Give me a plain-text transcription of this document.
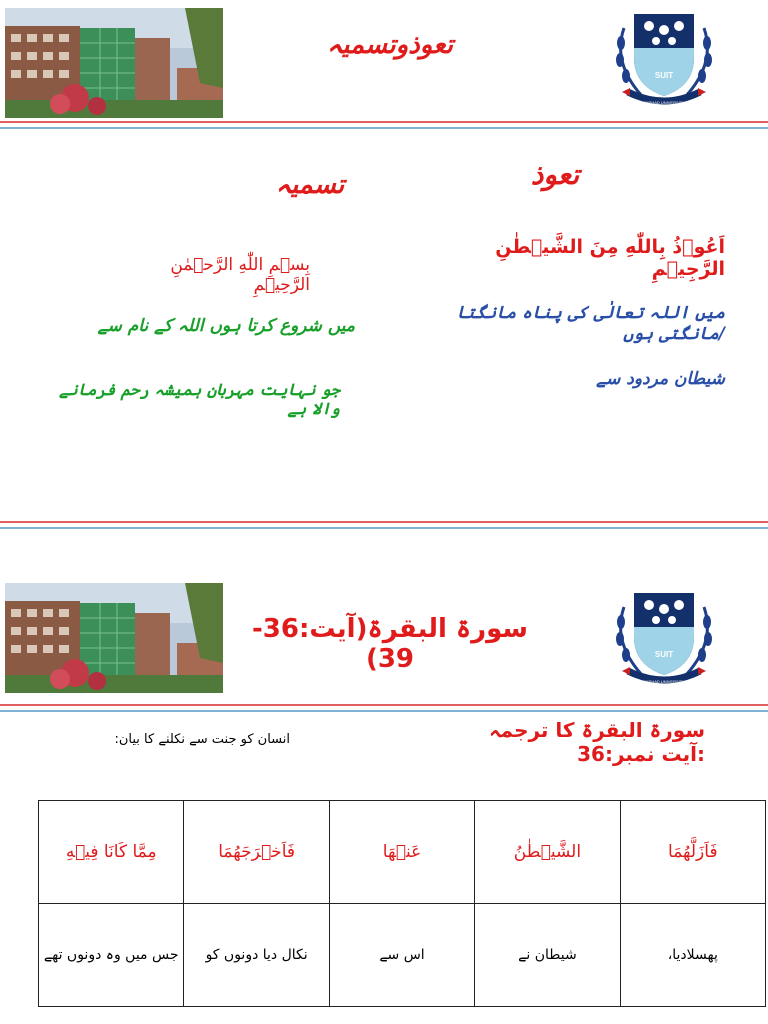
SUIT
SARHAD UNIVERSITY
تعوذوتسمیہ
تعوذ
تسمیہ
اَعُوۡذُ بِاللّٰهِ مِنَ الشَّيۡطٰنِ الرَّجِيۡمِ
میں اللہ تعالٰی کی پناہ مانگتا /مانگتی ہوں
شیطان مردود سے
بِسۡمِ اللّٰهِ الرَّحۡمٰنِ الرَّحِيۡمِ
میں شروع کرتا ہوں اللہ کے نام سے
جو نہایت مہربان ہمیشہ رحم فرمانے والا ہے
SUIT
SARHAD UNIVERSITY
سورۃ البقرۃ(آیت:36-39)
سورۃ البقرۃ کا ترجمہ :آیت نمبر:36
انسان کو جنت سے نکلنے کا بیان:
فَاَزَلَّهُمَا	الشَّيۡطٰنُ	عَنۡهَا	فَاَخۡرَجَهُمَا	مِمَّا كَانَا فِيۡهِ
پھسلادیا،	شیطان نے	اس سے	نکال دیا دونوں کو	جس میں وہ دونوں تھے
